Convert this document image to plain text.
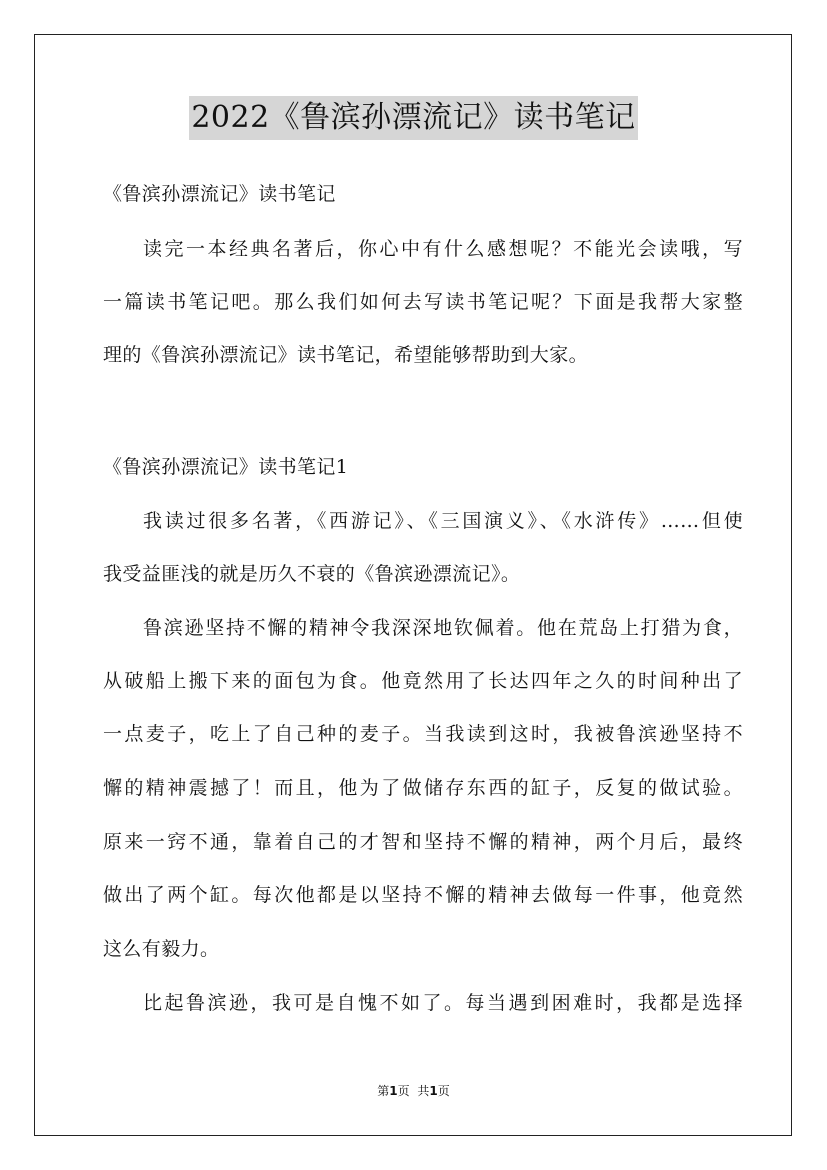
2022《鲁滨孙漂流记》读书笔记
《鲁滨孙漂流记》读书笔记
读完一本经典名著后，你心中有什么感想呢？不能光会读哦，写
一篇读书笔记吧。那么我们如何去写读书笔记呢？下面是我帮大家整
理的《鲁滨孙漂流记》读书笔记，希望能够帮助到大家。
《鲁滨孙漂流记》读书笔记1
我读过很多名著，《西游记》、《三国演义》、《水浒传》……但使
我受益匪浅的就是历久不衰的《鲁滨逊漂流记》。
鲁滨逊坚持不懈的精神令我深深地钦佩着。他在荒岛上打猎为食，
从破船上搬下来的面包为食。他竟然用了长达四年之久的时间种出了
一点麦子，吃上了自己种的麦子。当我读到这时，我被鲁滨逊坚持不
懈的精神震撼了！而且，他为了做储存东西的缸子，反复的做试验。
原来一窍不通，靠着自己的才智和坚持不懈的精神，两个月后，最终
做出了两个缸。每次他都是以坚持不懈的精神去做每一件事，他竟然
这么有毅力。
比起鲁滨逊，我可是自愧不如了。每当遇到困难时，我都是选择
第1页 共1页
